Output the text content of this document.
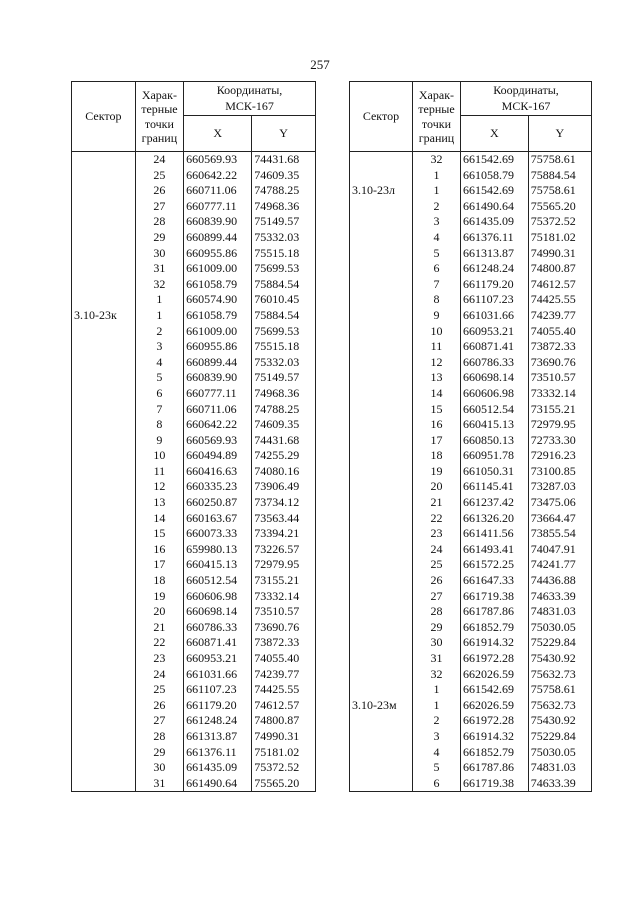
257
Сектор	Харак-
терные
точки
границ	Координаты,
МСК-167	
		X	Y
	24	660569.93	74431.68
	25	660642.22	74609.35
	26	660711.06	74788.25
	27	660777.11	74968.36
	28	660839.90	75149.57
	29	660899.44	75332.03
	30	660955.86	75515.18
	31	661009.00	75699.53
	32	661058.79	75884.54
	1	660574.90	76010.45
3.10-23к	1	661058.79	75884.54
	2	661009.00	75699.53
	3	660955.86	75515.18
	4	660899.44	75332.03
	5	660839.90	75149.57
	6	660777.11	74968.36
	7	660711.06	74788.25
	8	660642.22	74609.35
	9	660569.93	74431.68
	10	660494.89	74255.29
	11	660416.63	74080.16
	12	660335.23	73906.49
	13	660250.87	73734.12
	14	660163.67	73563.44
	15	660073.33	73394.21
	16	659980.13	73226.57
	17	660415.13	72979.95
	18	660512.54	73155.21
	19	660606.98	73332.14
	20	660698.14	73510.57
	21	660786.33	73690.76
	22	660871.41	73872.33
	23	660953.21	74055.40
	24	661031.66	74239.77
	25	661107.23	74425.55
	26	661179.20	74612.57
	27	661248.24	74800.87
	28	661313.87	74990.31
	29	661376.11	75181.02
	30	661435.09	75372.52
	31	661490.64	75565.20
Сектор	Харак-
терные
точки
границ	Координаты,
МСК-167	
		X	Y
	32	661542.69	75758.61
	1	661058.79	75884.54
3.10-23л	1	661542.69	75758.61
	2	661490.64	75565.20
	3	661435.09	75372.52
	4	661376.11	75181.02
	5	661313.87	74990.31
	6	661248.24	74800.87
	7	661179.20	74612.57
	8	661107.23	74425.55
	9	661031.66	74239.77
	10	660953.21	74055.40
	11	660871.41	73872.33
	12	660786.33	73690.76
	13	660698.14	73510.57
	14	660606.98	73332.14
	15	660512.54	73155.21
	16	660415.13	72979.95
	17	660850.13	72733.30
	18	660951.78	72916.23
	19	661050.31	73100.85
	20	661145.41	73287.03
	21	661237.42	73475.06
	22	661326.20	73664.47
	23	661411.56	73855.54
	24	661493.41	74047.91
	25	661572.25	74241.77
	26	661647.33	74436.88
	27	661719.38	74633.39
	28	661787.86	74831.03
	29	661852.79	75030.05
	30	661914.32	75229.84
	31	661972.28	75430.92
	32	662026.59	75632.73
	1	661542.69	75758.61
3.10-23м	1	662026.59	75632.73
	2	661972.28	75430.92
	3	661914.32	75229.84
	4	661852.79	75030.05
	5	661787.86	74831.03
	6	661719.38	74633.39
